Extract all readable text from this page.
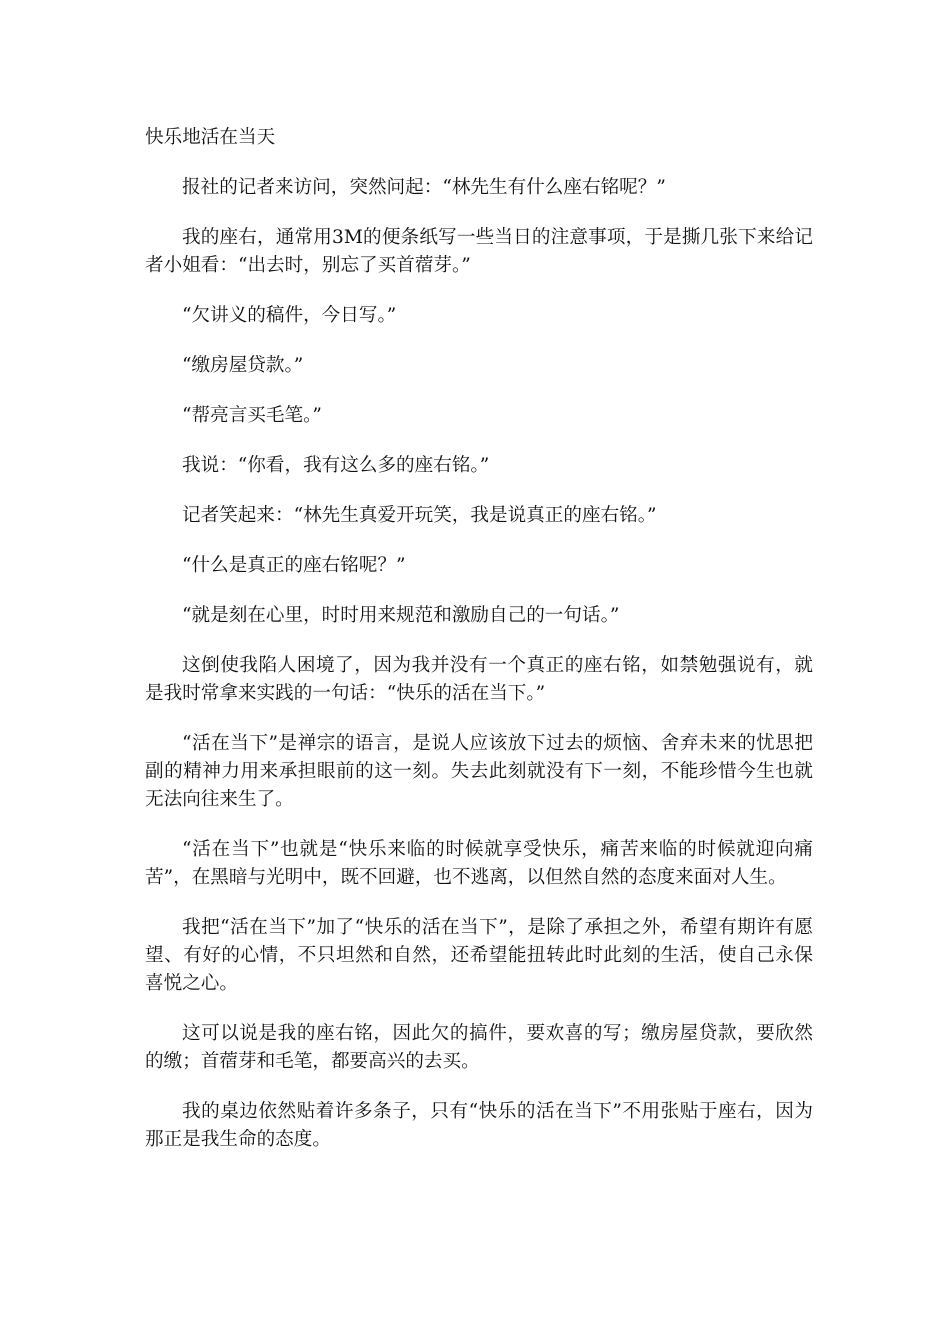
快乐地活在当天

报社的记者来访问，突然问起：“林先生有什么座右铭呢？”

我的座右，通常用3M的便条纸写一些当日的注意事项，于是撕几张下来给记者小姐看：“出去时，别忘了买首蓿芽。”

“欠讲义的稿件，今日写。”

“缴房屋贷款。”

“帮亮言买毛笔。”

我说：“你看，我有这么多的座右铭。”

记者笑起来：“林先生真爱开玩笑，我是说真正的座右铭。”

“什么是真正的座右铭呢？”

“就是刻在心里，时时用来规范和激励自己的一句话。”

这倒使我陷人困境了，因为我并没有一个真正的座右铭，如禁勉强说有，就是我时常拿来实践的一句话：“快乐的活在当下。”

“活在当下”是禅宗的语言，是说人应该放下过去的烦恼、舍弃未来的忧思把副的精神力用来承担眼前的这一刻。失去此刻就没有下一刻，不能珍惜今生也就无法向往来生了。

“活在当下”也就是“快乐来临的时候就享受快乐，痛苦来临的时候就迎向痛苦”，在黑暗与光明中，既不回避，也不逃离，以但然自然的态度来面对人生。

我把“活在当下”加了“快乐的活在当下”，是除了承担之外，希望有期许有愿望、有好的心情，不只坦然和自然，还希望能扭转此时此刻的生活，使自己永保喜悦之心。

这可以说是我的座右铭，因此欠的搞件，要欢喜的写；缴房屋贷款，要欣然的缴；首蓿芽和毛笔，都要高兴的去买。

我的桌边依然贴着许多条子，只有“快乐的活在当下”不用张贴于座右，因为那正是我生命的态度。
